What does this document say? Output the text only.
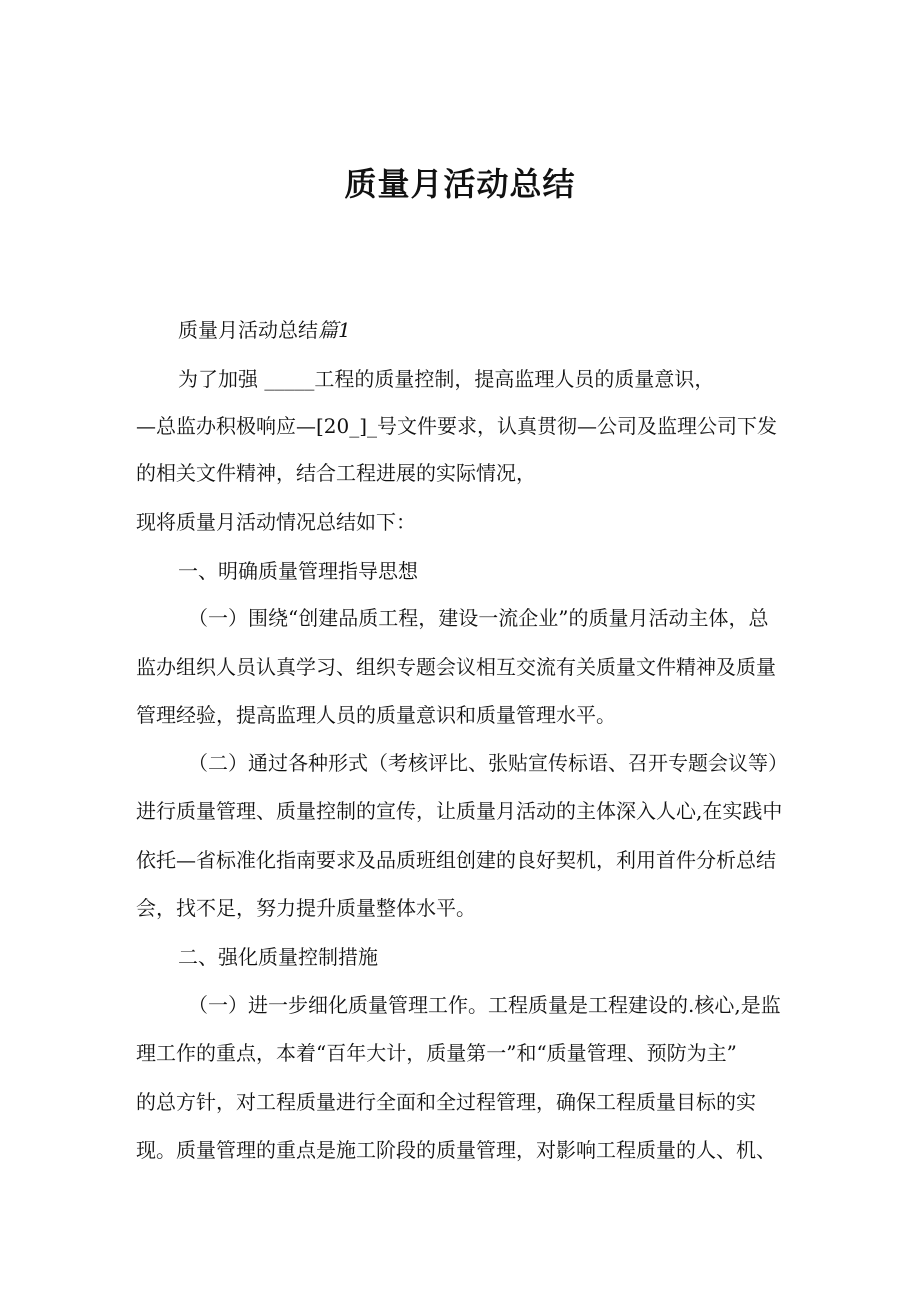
质量月活动总结
质量月活动总结篇1
为了加强 _____工程的质量控制，提高监理人员的质量意识，
—总监办积极响应—[20_]_号文件要求，认真贯彻—公司及监理公司下发
的相关文件精神，结合工程进展的实际情况，
现将质量月活动情况总结如下：
一、明确质量管理指导思想
（一）围绕“创建品质工程，建设一流企业”的质量月活动主体，总
监办组织人员认真学习、组织专题会议相互交流有关质量文件精神及质量
管理经验，提高监理人员的质量意识和质量管理水平。
（二）通过各种形式（考核评比、张贴宣传标语、召开专题会议等）
进行质量管理、质量控制的宣传，让质量月活动的主体深入人心,在实践中
依托—省标准化指南要求及品质班组创建的良好契机，利用首件分析总结
会，找不足，努力提升质量整体水平。
二、强化质量控制措施
（一）进一步细化质量管理工作。工程质量是工程建设的.核心,是监
理工作的重点，本着“百年大计，质量第一”和“质量管理、预防为主”
的总方针，对工程质量进行全面和全过程管理，确保工程质量目标的实
现。质量管理的重点是施工阶段的质量管理，对影响工程质量的人、机、
